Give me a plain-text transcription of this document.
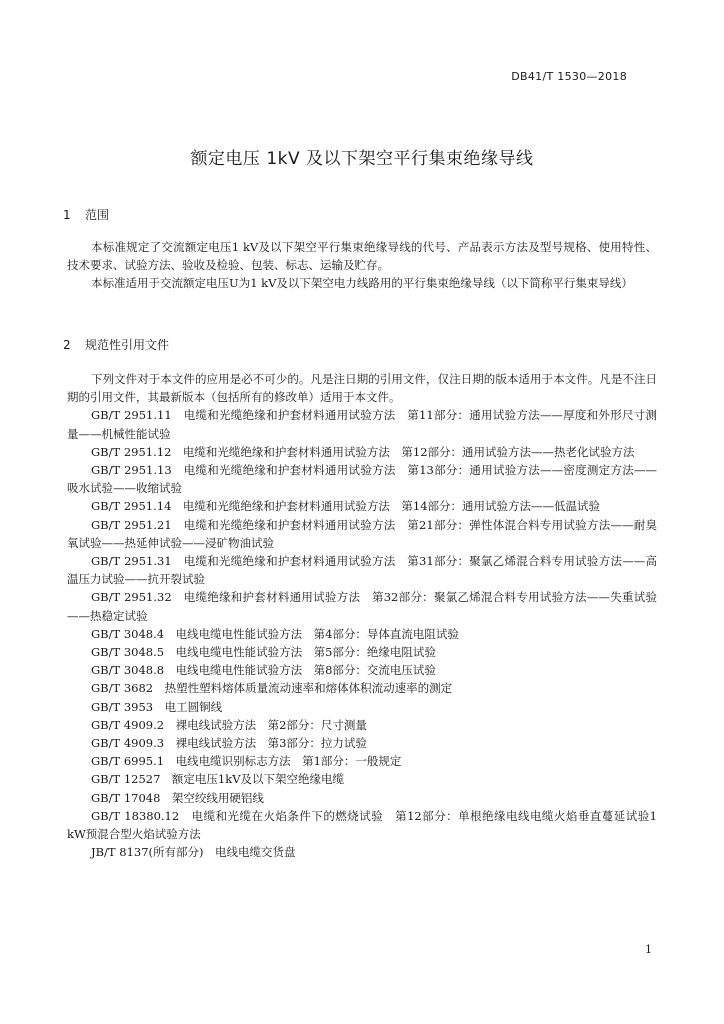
DB41/T 1530—2018
额定电压 1kV 及以下架空平行集束绝缘导线
1 范围

本标准规定了交流额定电压1 kV及以下架空平行集束绝缘导线的代号、产品表示方法及型号规格、使用特性、技术要求、试验方法、验收及检验、包装、标志、运输及贮存。

本标准适用于交流额定电压U为1 kV及以下架空电力线路用的平行集束绝缘导线（以下简称平行集束导线）

2 规范性引用文件

下列文件对于本文件的应用是必不可少的。凡是注日期的引用文件，仅注日期的版本适用于本文件。凡是不注日期的引用文件，其最新版本（包括所有的修改单）适用于本文件。

GB/T 2951.11　电缆和光缆绝缘和护套材料通用试验方法　第11部分：通用试验方法——厚度和外形尺寸测量——机械性能试验

GB/T 2951.12　电缆和光缆绝缘和护套材料通用试验方法　第12部分：通用试验方法——热老化试验方法

GB/T 2951.13　电缆和光缆绝缘和护套材料通用试验方法　第13部分：通用试验方法——密度测定方法——吸水试验——收缩试验

GB/T 2951.14　电缆和光缆绝缘和护套材料通用试验方法　第14部分：通用试验方法——低温试验

GB/T 2951.21　电缆和光缆绝缘和护套材料通用试验方法　第21部分：弹性体混合料专用试验方法——耐臭氧试验——热延伸试验——浸矿物油试验

GB/T 2951.31　电缆和光缆绝缘和护套材料通用试验方法　第31部分：聚氯乙烯混合料专用试验方法——高温压力试验——抗开裂试验

GB/T 2951.32　电缆绝缘和护套材料通用试验方法　第32部分：聚氯乙烯混合料专用试验方法——失重试验——热稳定试验

GB/T 3048.4　电线电缆电性能试验方法　第4部分：导体直流电阻试验

GB/T 3048.5　电线电缆电性能试验方法　第5部分：绝缘电阻试验

GB/T 3048.8　电线电缆电性能试验方法　第8部分：交流电压试验

GB/T 3682　热塑性塑料熔体质量流动速率和熔体体积流动速率的测定

GB/T 3953　电工圆铜线

GB/T 4909.2　裸电线试验方法　第2部分：尺寸测量

GB/T 4909.3　裸电线试验方法　第3部分：拉力试验

GB/T 6995.1　电线电缆识别标志方法　第1部分：一般规定

GB/T 12527　额定电压1kV及以下架空绝缘电缆

GB/T 17048　架空绞线用硬铝线

GB/T 18380.12　电缆和光缆在火焰条件下的燃烧试验　第12部分：单根绝缘电线电缆火焰垂直蔓延试验1 kW预混合型火焰试验方法

JB/T 8137(所有部分)　电线电缆交货盘

1
